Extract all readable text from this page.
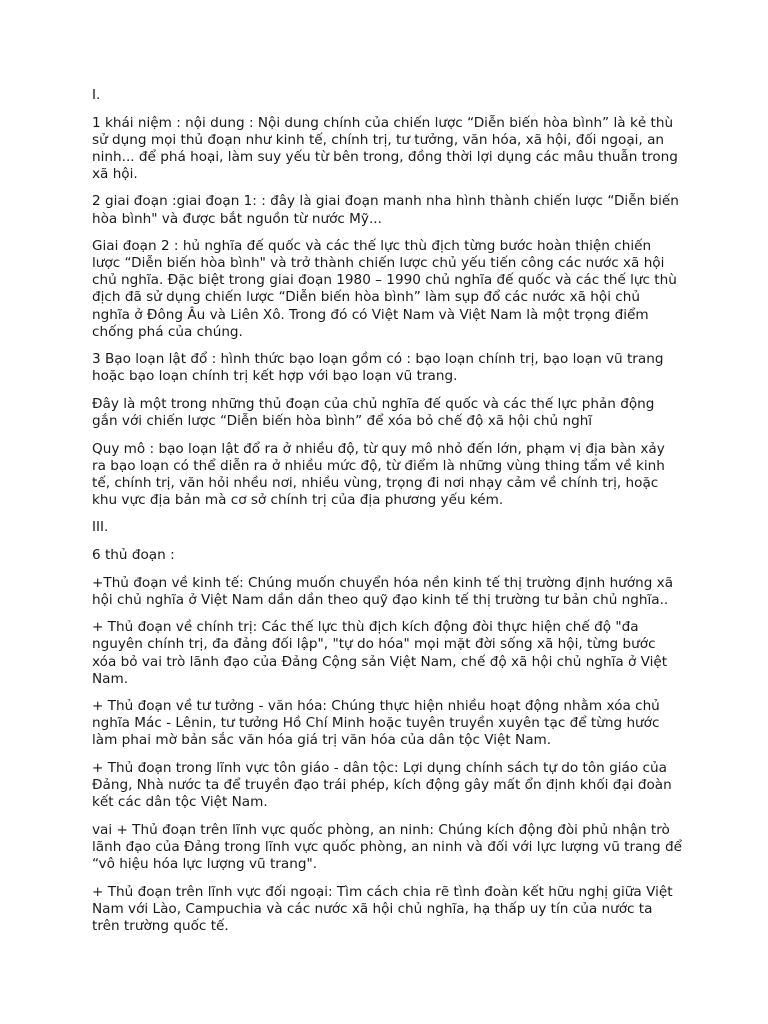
I.

1 khái niệm : nội dung : Nội dung chính của chiến lược “Diễn biến hòa bình” là kẻ thù sử dụng mọi thủ đoạn như kinh tế, chính trị, tư tưởng, văn hóa, xã hội, đối ngoại, an ninh... để phá hoại, làm suy yếu từ bên trong, đồng thời lợi dụng các mâu thuẫn trong xã hội.

2 giai đoạn :giai đoạn 1: : đây là giai đoạn manh nha hình thành chiến lược “Diễn biến hòa bình" và được bắt nguồn từ nước Mỹ...

Giai đoạn 2 : hủ nghĩa đế quốc và các thế lực thù địch từng bước hoàn thiện chiến lược “Diễn biến hòa bình" và trở thành chiến lược chủ yếu tiến công các nước xã hội chủ nghĩa. Đặc biệt trong giai đoạn 1980 – 1990 chủ nghĩa đế quốc và các thế lực thù địch đã sử dụng chiến lược “Diễn biến hòa bình” làm sụp đổ các nước xã hội chủ nghĩa ở Đông Âu và Liên Xô. Trong đó có Việt Nam và Việt Nam là một trọng điểm chống phá của chúng.

3 Bạo loạn lật đổ : hình thức bạo loạn gồm có : bạo loạn chính trị, bạo loạn vũ trang hoặc bạo loạn chính trị kết hợp với bạo loạn vũ trang.

Đây là một trong những thủ đoạn của chủ nghĩa đế quốc và các thế lực phản động gắn với chiến lược “Diễn biến hòa bình” để xóa bỏ chế độ xã hội chủ nghĩ

Quy mô : bạo loạn lật đổ ra ở nhiều độ, từ quy mô nhỏ đến lớn, phạm vị địa bàn xảy ra bạo loạn có thể diễn ra ở nhiều mức độ, từ điểm là những vùng thing tẩm về kinh tế, chính trị, văn hỏi nhều nơi, nhiều vùng, trọng đi nơi nhạy cảm về chính trị, hoặc khu vực địa bản mà cơ sở chính trị của địa phương yếu kém.

III.

6 thủ đoạn :

+Thủ đoạn về kinh tế: Chúng muốn chuyển hóa nền kinh tế thị trường định hướng xã hội chủ nghĩa ở Việt Nam dần dần theo quỹ đạo kinh tế thị trường tư bản chủ nghĩa..

+ Thủ đoạn về chính trị: Các thế lực thù địch kích động đòi thực hiện chế độ "đa nguyên chính trị, đa đảng đối lập", "tự do hóa" mọi mặt đời sống xã hội, từng bước xóa bỏ vai trò lãnh đạo của Đảng Cộng sản Việt Nam, chế độ xã hội chủ nghĩa ở Việt Nam.

+ Thủ đoạn về tư tưởng - văn hóa: Chúng thực hiện nhiều hoạt động nhằm xóa chủ nghĩa Mác - Lênin, tư tưởng Hồ Chí Minh hoặc tuyên truyền xuyên tạc để từng hước làm phai mờ bản sắc văn hóa giá trị văn hóa của dân tộc Việt Nam.

+ Thủ đoạn trong lĩnh vực tôn giáo - dân tộc: Lợi dụng chính sách tự do tôn giáo của Đảng, Nhà nước ta để truyền đạo trái phép, kích động gây mất ổn định khối đại đoàn kết các dân tộc Việt Nam.

vai + Thủ đoạn trên lĩnh vực quốc phòng, an ninh: Chúng kích động đòi phủ nhận trò lãnh đạo của Đảng trong lĩnh vực quốc phòng, an ninh và đối với lực lượng vũ trang để “vô hiệu hóa lực lượng vũ trang".

+ Thủ đoạn trên lĩnh vực đối ngoại: Tìm cách chia rẽ tình đoàn kết hữu nghị giữa Việt Nam với Lào, Campuchia và các nước xã hội chủ nghĩa, hạ thấp uy tín của nước ta trên trường quốc tế.
